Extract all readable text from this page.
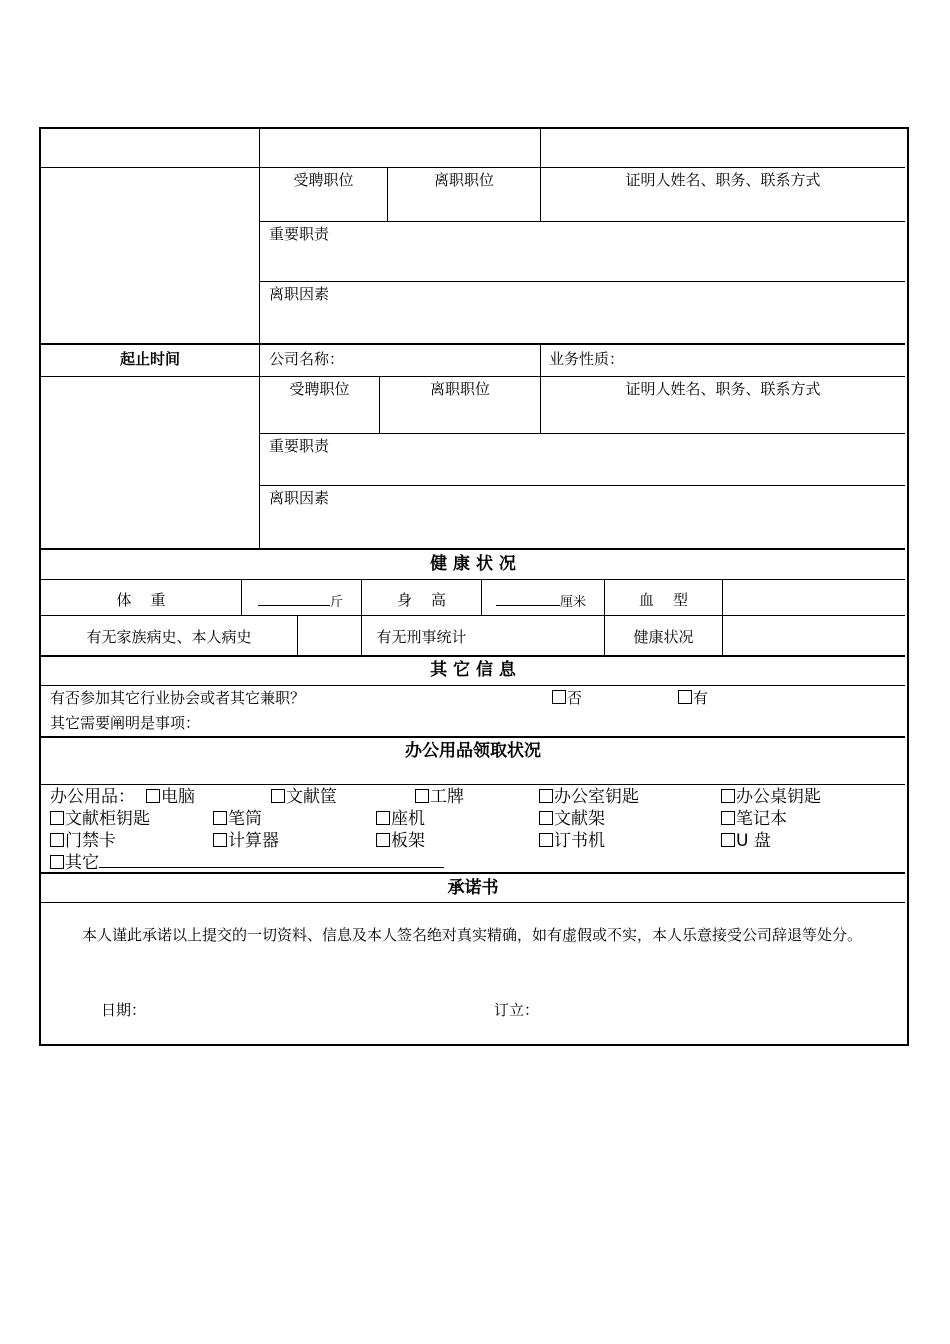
受聘职位	离职职位	证明人姓名、职务、联系方式
重要职责
离职因素
起止时间	公司名称：	业务性质：
受聘职位	离职职位	证明人姓名、职务、联系方式
重要职责
离职因素
健 康 状 况
体    重	斤	身    高	厘米	血    型
有无家族病史、本人病史	有无刑事统计	健康状况
其 它 信 息
有否参加其它行业协会或者其它兼职？	否	有
其它需要阐明是事项：
办公用品领取状况
办公用品：	电脑	文献筐	工牌	办公室钥匙	办公桌钥匙
文献柜钥匙	笔筒	座机	文献架	笔记本
门禁卡	计算器	板架	订书机	U 盘
其它
承诺书
本人谨此承诺以上提交的一切资料、信息及本人签名绝对真实精确，如有虚假或不实，本人乐意接受公司辞退等处分。
日期：	订立：
